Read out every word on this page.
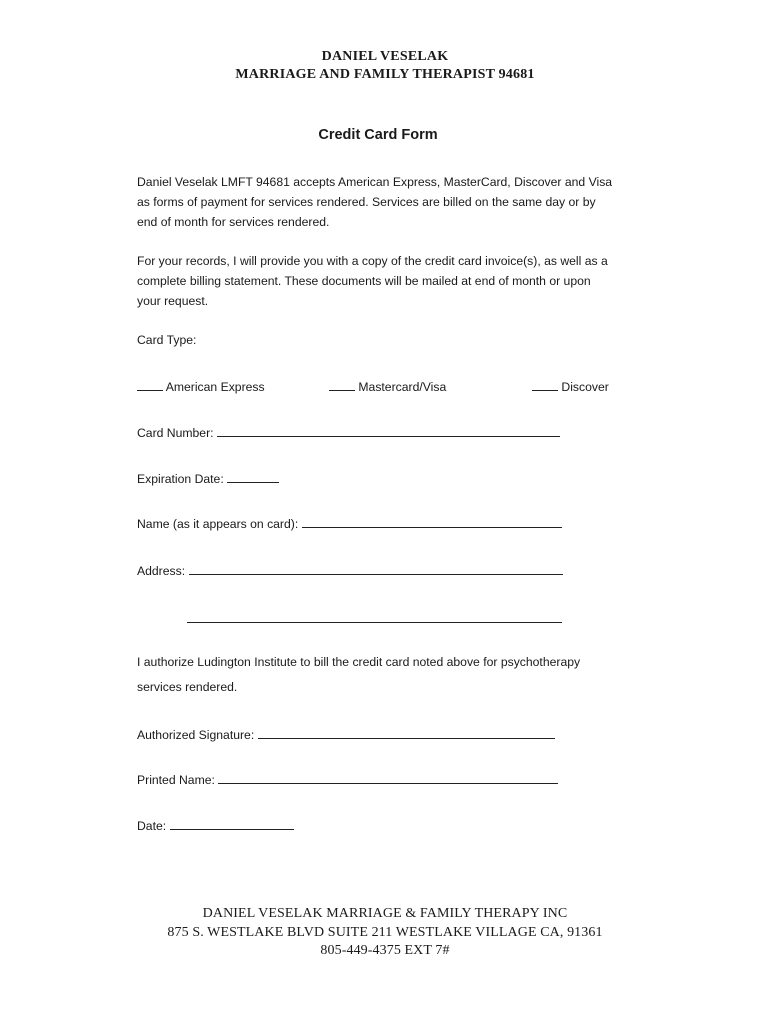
DANIEL VESELAK
MARRIAGE AND FAMILY THERAPIST 94681
Credit Card Form
Daniel Veselak LMFT 94681 accepts American Express, MasterCard, Discover and Visa as forms of payment for services rendered. Services are billed on the same day or by end of month for services rendered.
For your records, I will provide you with a copy of the credit card invoice(s), as well as a complete billing statement. These documents will be mailed at end of month or upon your request.
Card Type:
American Express	Mastercard/Visa	Discover
Card Number:
Expiration Date:
Name (as it appears on card):
Address:
I authorize Ludington Institute to bill the credit card noted above for psychotherapy
services rendered.
Authorized Signature:
Printed Name:
Date:
DANIEL VESELAK MARRIAGE & FAMILY THERAPY INC
875 S. WESTLAKE BLVD SUITE 211 WESTLAKE VILLAGE CA, 91361
805-449-4375 EXT 7#
